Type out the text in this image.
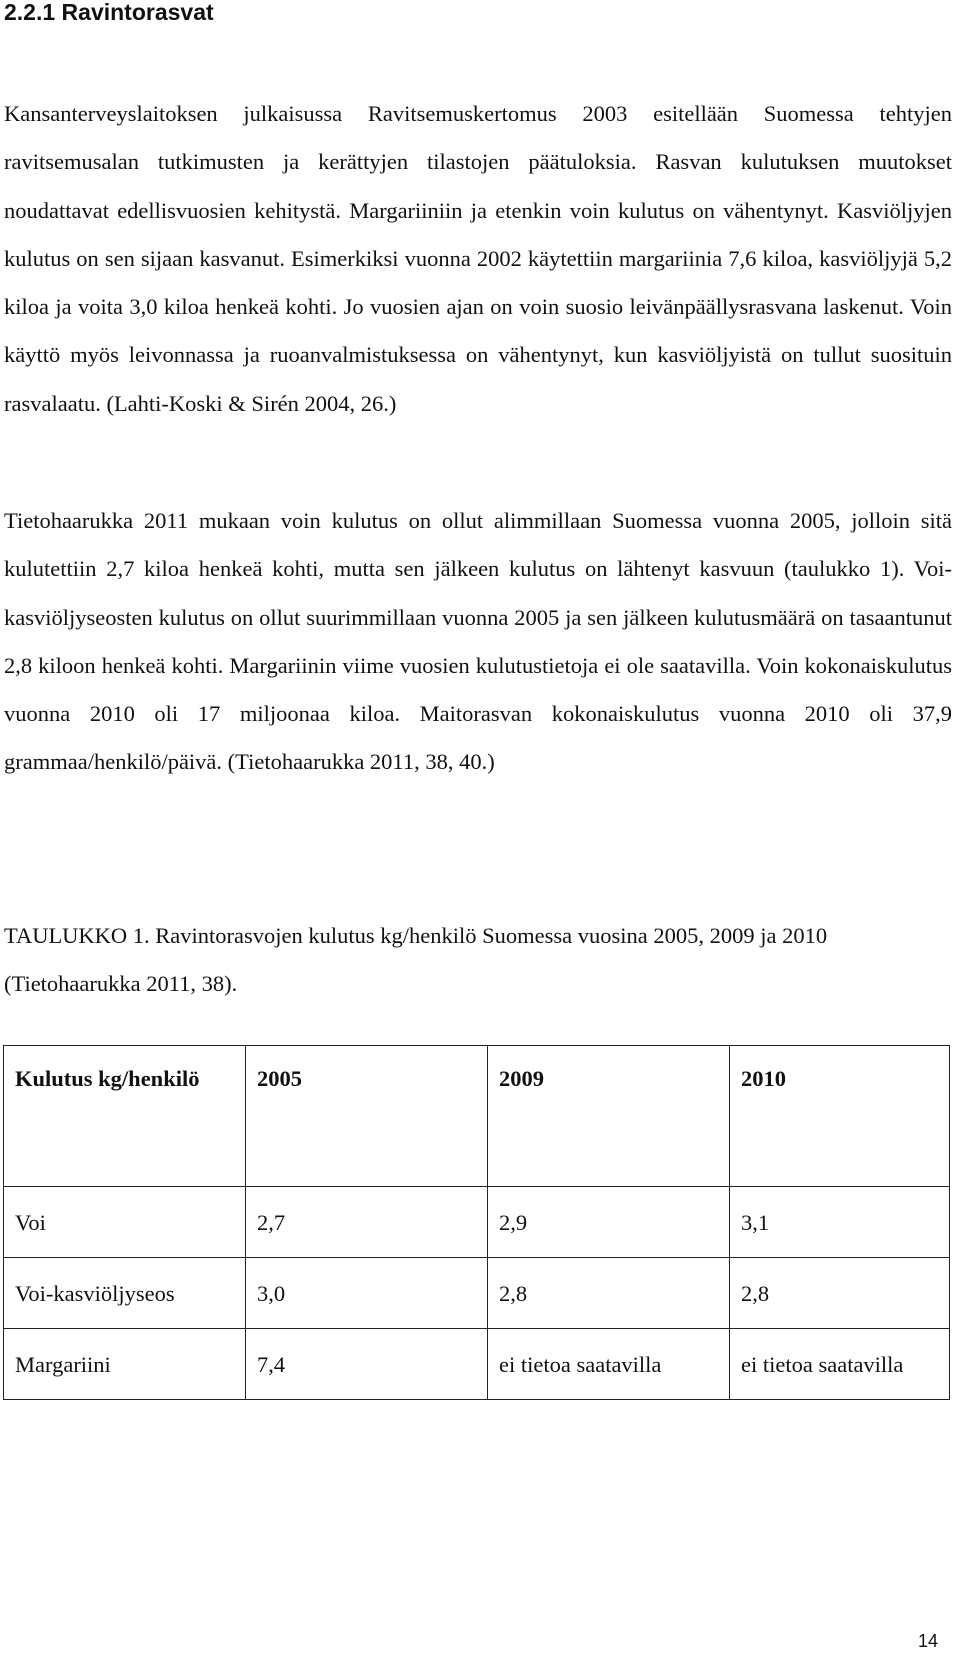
2.2.1 Ravintorasvat

Kansanterveyslaitoksen julkaisussa Ravitsemuskertomus 2003 esitellään Suomessa tehtyjen ravitsemusalan tutkimusten ja kerättyjen tilastojen päätuloksia. Rasvan kulutuksen muutokset noudattavat edellisvuosien kehitystä. Margariiniin ja etenkin voin kulutus on vähentynyt. Kasviöljyjen kulutus on sen sijaan kasvanut. Esimerkiksi vuonna 2002 käytettiin margariinia 7,6 kiloa, kasviöljyjä 5,2 kiloa ja voita 3,0 kiloa henkeä kohti. Jo vuosien ajan on voin suosio leivänpäällysrasvana laskenut. Voin käyttö myös leivonnassa ja ruoanvalmistuksessa on vähentynyt, kun kasviöljyistä on tullut suosituin rasvalaatu. (Lahti-Koski & Sirén 2004, 26.)

Tietohaarukka 2011 mukaan voin kulutus on ollut alimmillaan Suomessa vuonna 2005, jolloin sitä kulutettiin 2,7 kiloa henkeä kohti, mutta sen jälkeen kulutus on lähtenyt kasvuun (taulukko 1). Voi-kasviöljyseosten kulutus on ollut suurimmillaan vuonna 2005 ja sen jälkeen kulutusmäärä on tasaantunut 2,8 kiloon henkeä kohti. Margariinin viime vuosien kulutustietoja ei ole saatavilla. Voin kokonaiskulutus vuonna 2010 oli 17 miljoonaa kiloa. Maitorasvan kokonaiskulutus vuonna 2010 oli 37,9 grammaa/henkilö/päivä. (Tietohaarukka 2011, 38, 40.)

TAULUKKO 1. Ravintorasvojen kulutus kg/henkilö Suomessa vuosina 2005, 2009 ja 2010 (Tietohaarukka 2011, 38).

Kulutus kg/henkilö	2005	2009	2010
Voi	2,7	2,9	3,1
Voi-kasviöljyseos	3,0	2,8	2,8
Margariini	7,4	ei tietoa saatavilla	ei tietoa saatavilla
14
